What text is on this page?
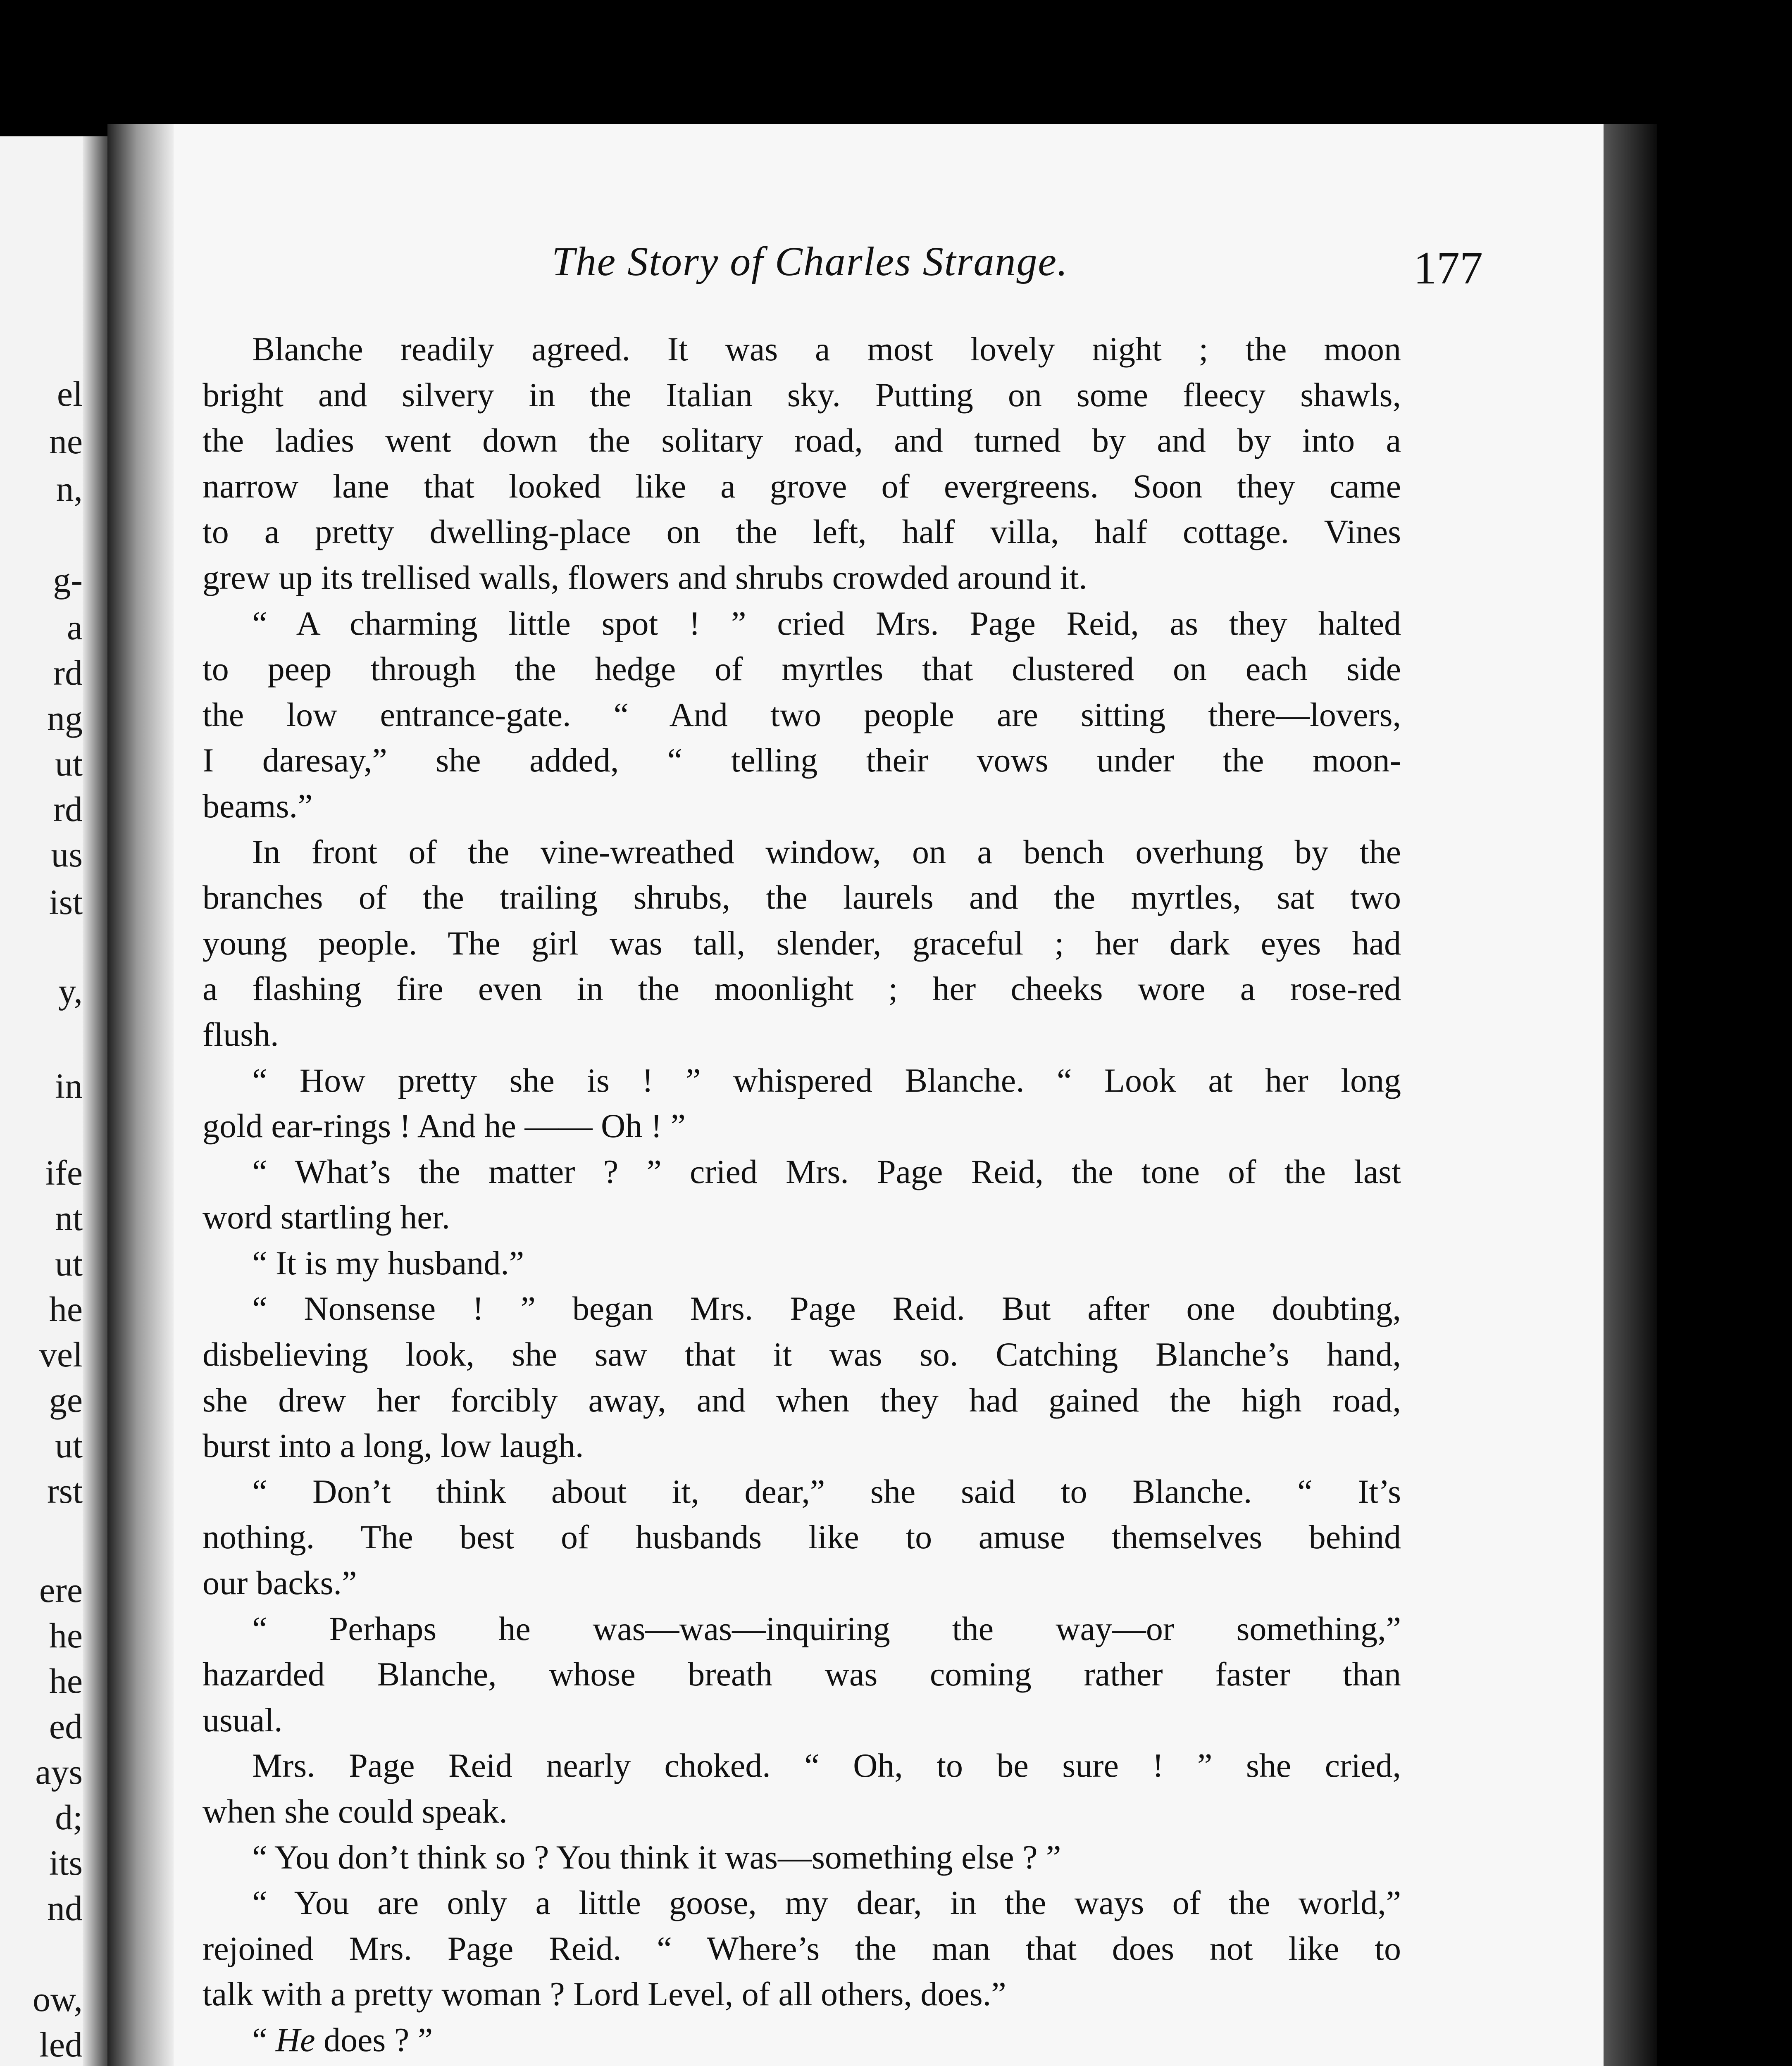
el
ne
n,
g-
a
rd
ng
ut
rd
us
ist
y,
in
ife
nt
ut
he
vel
ge
ut
rst
ere
he
he
ed
ays
d;
its
nd
ow,
led
The Story of Charles Strange.	177
Blanche readily agreed. It was a most lovely night ; the moon
bright and silvery in the Italian sky. Putting on some fleecy shawls,
the ladies went down the solitary road, and turned by and by into a
narrow lane that looked like a grove of evergreens. Soon they came
to a pretty dwelling-place on the left, half villa, half cottage. Vines
grew up its trellised walls, flowers and shrubs crowded around it.
“ A charming little spot ! ” cried Mrs. Page Reid, as they halted
to peep through the hedge of myrtles that clustered on each side
the low entrance-gate. “ And two people are sitting there—lovers,
I daresay,” she added, “ telling their vows under the moon-
beams.”
In front of the vine-wreathed window, on a bench overhung by the
branches of the trailing shrubs, the laurels and the myrtles, sat two
young people. The girl was tall, slender, graceful ; her dark eyes had
a flashing fire even in the moonlight ; her cheeks wore a rose-red
flush.
“ How pretty she is ! ” whispered Blanche. “ Look at her long
gold ear-rings ! And he —— Oh ! ”
“ What’s the matter ? ” cried Mrs. Page Reid, the tone of the last
word startling her.
“ It is my husband.”
“ Nonsense ! ” began Mrs. Page Reid. But after one doubting,
disbelieving look, she saw that it was so. Catching Blanche’s hand,
she drew her forcibly away, and when they had gained the high road,
burst into a long, low laugh.
“ Don’t think about it, dear,” she said to Blanche. “ It’s
nothing. The best of husbands like to amuse themselves behind
our backs.”
“ Perhaps he was—was—inquiring the way—or something,”
hazarded Blanche, whose breath was coming rather faster than
usual.
Mrs. Page Reid nearly choked. “ Oh, to be sure ! ” she cried,
when she could speak.
“ You don’t think so ? You think it was—something else ? ”
“ You are only a little goose, my dear, in the ways of the world,”
rejoined Mrs. Page Reid. “ Where’s the man that does not like to
talk with a pretty woman ? Lord Level, of all others, does.”
“ He does ? ”
